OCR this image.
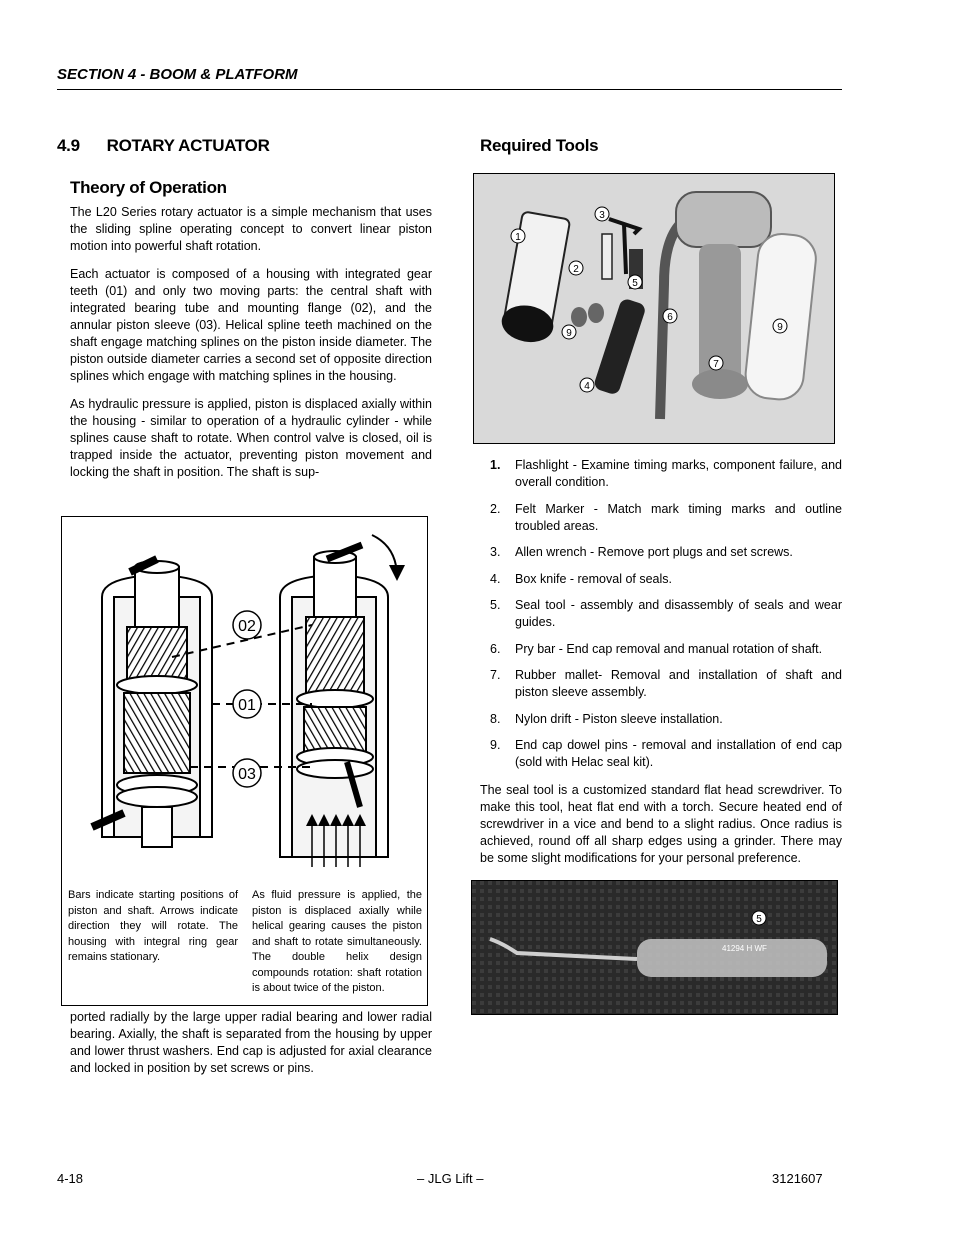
SECTION 4 - BOOM & PLATFORM
4.9 ROTARY ACTUATOR
Theory of Operation

The L20 Series rotary actuator is a simple mechanism that uses the sliding spline operating concept to convert linear piston motion into powerful shaft rotation.

Each actuator is composed of a housing with integrated gear teeth (01) and only two moving parts: the central shaft with integrated bearing tube and mounting flange (02), and the annular piston sleeve (03). Helical spline teeth machined on the shaft engage matching splines on the piston inside diameter. The piston outside diameter carries a second set of opposite direction splines which engage with matching splines in the housing.

As hydraulic pressure is applied, piston is displaced axially within the housing - similar to operation of a hydraulic cylinder - while splines cause shaft to rotate. When control valve is closed, oil is trapped inside the actuator, preventing piston movement and locking the shaft in position. The shaft is sup-

02
01
03
Bars indicate starting positions of piston and shaft. Arrows indicate direction they will rotate. The housing with integral ring gear remains stationary.
As fluid pressure is applied, the piston is displaced axially while helical gearing causes the piston and shaft to rotate simultaneously. The double helix design compounds rotation: shaft rotation is about twice of the piston.
ported radially by the large upper radial bearing and lower radial bearing. Axially, the shaft is separated from the housing by upper and lower thrust washers. End cap is adjusted for axial clearance and locked in position by set screws or pins.
Required Tools
1
2
3
4
5
6
7
9
9
1. Flashlight - Examine timing marks, component failure, and overall condition.
2. Felt Marker - Match mark timing marks and outline troubled areas.
3. Allen wrench - Remove port plugs and set screws.
4. Box knife - removal of seals.
5. Seal tool - assembly and disassembly of seals and wear guides.
6. Pry bar - End cap removal and manual rotation of shaft.
7. Rubber mallet- Removal and installation of shaft and piston sleeve assembly.
8. Nylon drift - Piston sleeve installation.
9. End cap dowel pins - removal and installation of end cap (sold with Helac seal kit).
The seal tool is a customized standard flat head screwdriver. To make this tool, heat flat end with a torch. Secure heated end of screwdriver in a vice and bend to a slight radius. Once radius is achieved, round off all sharp edges using a grinder. There may be some slight modifications for your personal preference.
41294 H WF
5
4-18	– JLG Lift –	3121607
